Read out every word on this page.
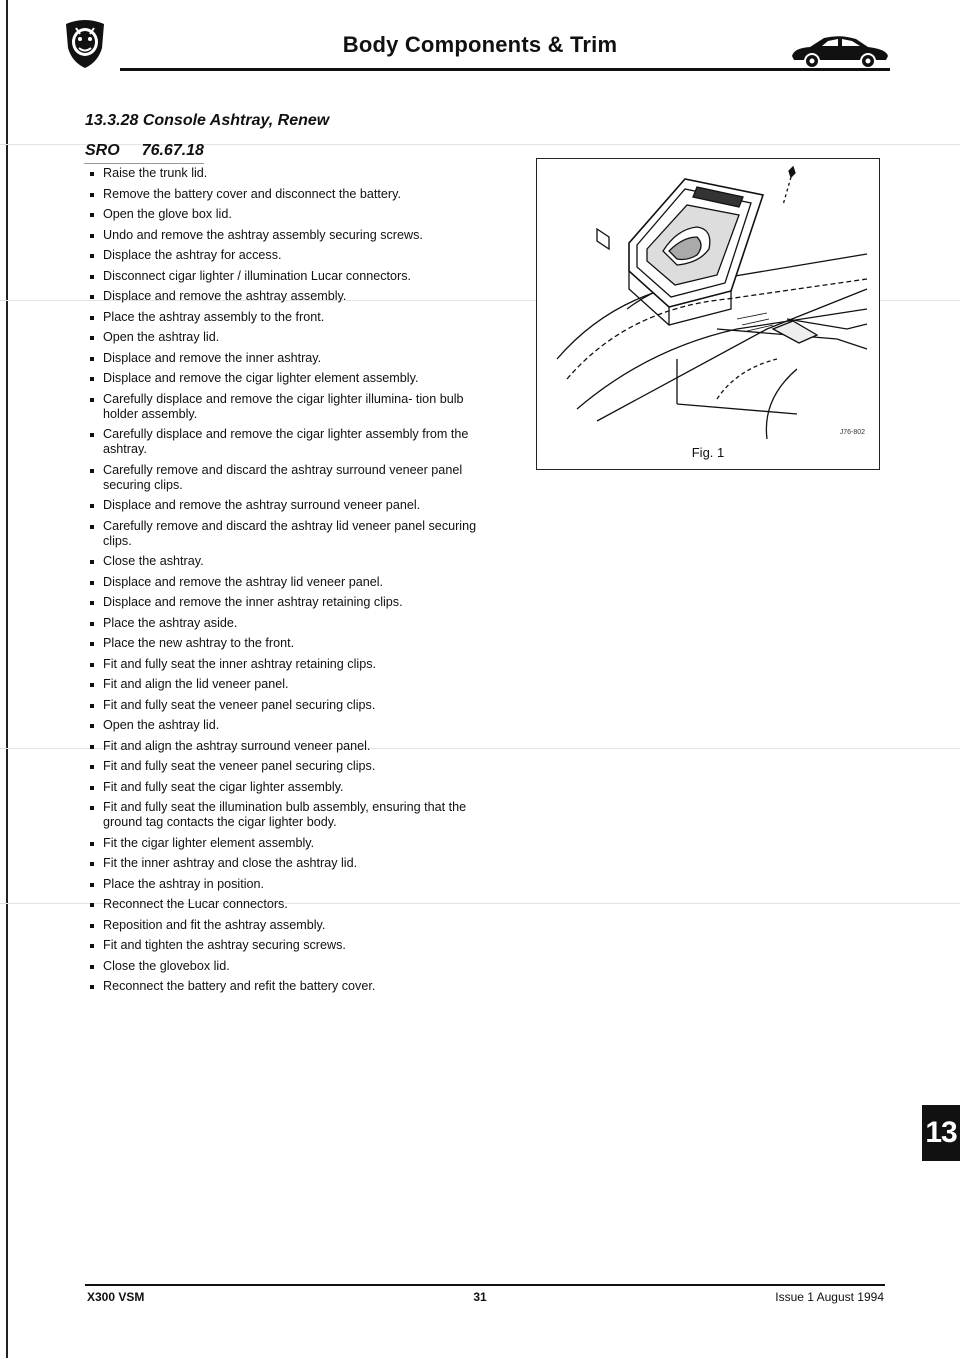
Body Components & Trim
13.3.28 Console Ashtray, Renew
SRO 76.67.18
Raise the trunk lid.
Remove the battery cover and disconnect the battery.
Open the glove box lid.
Undo and remove the ashtray assembly securing screws.
Displace the ashtray for access.
Disconnect cigar lighter / illumination Lucar connectors.
Displace and remove the ashtray assembly.
Place the ashtray assembly to the front.
Open the ashtray lid.
Displace and remove the inner ashtray.
Displace and remove the cigar lighter element assembly.
Carefully displace and remove the cigar lighter illumina- tion bulb holder assembly.
Carefully displace and remove the cigar lighter assembly from the ashtray.
Carefully remove and discard the ashtray surround veneer panel securing clips.
Displace and remove the ashtray surround veneer panel.
Carefully remove and discard the ashtray lid veneer panel securing clips.
Close the ashtray.
Displace and remove the ashtray lid veneer panel.
Displace and remove the inner ashtray retaining clips.
Place the ashtray aside.
Place the new ashtray to the front.
Fit and fully seat the inner ashtray retaining clips.
Fit and align the lid veneer panel.
Fit and fully seat the veneer panel securing clips.
Open the ashtray lid.
Fit and align the ashtray surround veneer panel.
Fit and fully seat the veneer panel securing clips.
Fit and fully seat the cigar lighter assembly.
Fit and fully seat the illumination bulb assembly, ensuring that the ground tag contacts the cigar lighter body.
Fit the cigar lighter element assembly.
Fit the inner ashtray and close the ashtray lid.
Place the ashtray in position.
Reconnect the Lucar connectors.
Reposition and fit the ashtray assembly.
Fit and tighten the ashtray securing screws.
Close the glovebox lid.
Reconnect the battery and refit the battery cover.
J76-802
Fig. 1
13
X300 VSM	31	Issue 1 August 1994
